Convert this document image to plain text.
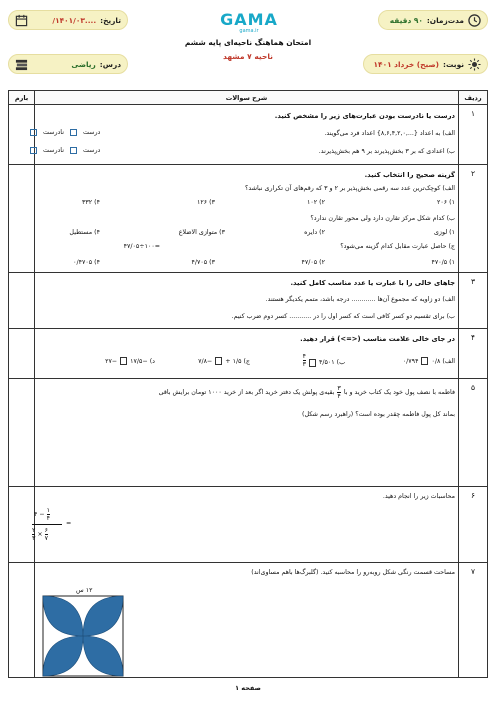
مدت‌زمان:
۹۰ دقیقه
تاریخ:
....۱۴۰۱/۰۳/
نوبت:
(صبح) خرداد ۱۴۰۱
درس:
ریاضی
GAMA
gama.ir
امتحان هماهنگ ناحیه‌ای پایه ششم
ناحیه ۷ مشهد
ردیف
شرح سوالات
بارم
۱
درست یا نادرست بودن عبارت‌های زیر را مشخص کنید.
الف) به اعداد {...,۸,۶,۴,۲,۰} اعداد فرد می‌گویند.
ب) اعدادی که بر ۳ بخش‌پذیرند بر ۹ هم بخش‌پذیرند.
درست
نادرست
درست
نادرست
۲
گزینه صحیح را انتخاب کنید.
الف) کوچک‌ترین عدد سه رقمی بخش‌پذیر بر ۲ و ۳ که رقم‌های آن تکراری نباشد؟
۱) ۲۰۶
۲) ۱۰۲
۳) ۱۲۶
۴) ۳۳۲
ب) کدام شکل مرکز تقارن دارد ولی محور تقارن ندارد؟
۱) لوزی
۲) دایره
۳) متوازی الاضلاع
۴) مستطیل
ج) حاصل عبارت مقابل کدام گزینه می‌شود؟
۴۷/۰۵÷۱۰۰=
۱) ۴۷۰/۵
۲) ۴۷/۰۵
۳) ۴/۷۰۵
۴) ۰/۴۷۰۵
۳
جاهای خالی را با عبارت یا عدد مناسب کامل کنید.
الف) دو زاویه که مجموع آن‌ها ............ درجه باشد، متمم یکدیگر هستند.
ب) برای تقسیم دو کسر کافی است که کسر اول را در ........... کسر دوم ضرب کنیم.
۴
در جای خالی علامت مناسب (<=>) قرار دهید.
الف) ۰/۸
۰/۷۹۴
ب) ۴/۵۰۱
۴
۳
ج) ۱/۵ +
−۷/۸
د) −۱۷/۵
−۲۷
۵
فاطمه با نصف پول خود یک کتاب خرید و با
۳
۴
بقیه‌ی پولش یک دفتر خرید اگر بعد از خرید ۱۰۰۰ تومان برایش باقی
بماند کل پول فاطمه چقدر بوده است؟ (راهبرد رسم شکل)
۶
محاسبات زیر را انجام دهید.
۴ −
۱
۴
۲
۳
×
۶
۷
=
۷
مساحت قسمت رنگی شکل روبه‌رو را محاسبه کنید. (گلبرگ‌ها باهم مساوی‌اند)
۱۲ س
صفحه ۱
